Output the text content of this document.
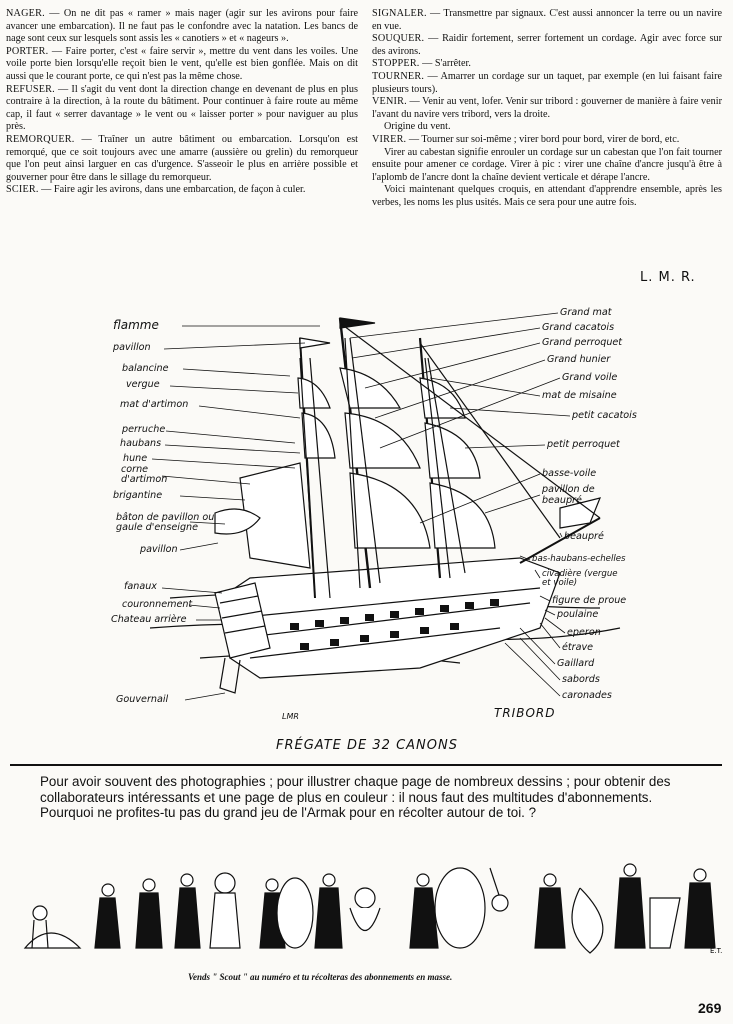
NAGER. — On ne dit pas « ramer » mais nager (agir sur les avirons pour faire avancer une embarcation). Il ne faut pas le confondre avec la natation. Les bancs de nage sont ceux sur lesquels sont assis les « canotiers » et « nageurs ».

PORTER. — Faire porter, c'est « faire servir », mettre du vent dans les voiles. Une voile porte bien lorsqu'elle reçoit bien le vent, qu'elle est bien gonflée. Mais on dit aussi que le courant porte, ce qui n'est pas la même chose.

REFUSER. — Il s'agit du vent dont la direction change en devenant de plus en plus contraire à la direction, à la route du bâtiment. Pour continuer à faire route au même cap, il faut « serrer davantage » le vent ou « laisser porter » pour naviguer au plus près.

REMORQUER. — Traîner un autre bâtiment ou embarcation. Lorsqu'on est remorqué, que ce soit toujours avec une amarre (aussière ou grelin) du remorqueur que l'on peut ainsi larguer en cas d'urgence. S'asseoir le plus en arrière possible et gouverner pour être dans le sillage du remorqueur.

SCIER. — Faire agir les avirons, dans une embarcation, de façon à culer.

SIGNALER. — Transmettre par signaux. C'est aussi annoncer la terre ou un navire en vue.

SOUQUER. — Raidir fortement, serrer fortement un cordage. Agir avec force sur des avirons.

STOPPER. — S'arrêter.

TOURNER. — Amarrer un cordage sur un taquet, par exemple (en lui faisant faire plusieurs tours).

VENIR. — Venir au vent, lofer. Venir sur tribord : gouverner de manière à faire venir l'avant du navire vers tribord, vers la droite.

Origine du vent.

VIRER. — Tourner sur soi-même ; virer bord pour bord, virer de bord, etc.

Virer au cabestan signifie enrouler un cordage sur un cabestan que l'on fait tourner ensuite pour amener ce cordage. Virer à pic : virer une chaîne d'ancre jusqu'à être à l'aplomb de l'ancre dont la chaîne devient verticale et dérape l'ancre.

Voici maintenant quelques croquis, en attendant d'apprendre ensemble, après les verbes, les noms les plus usités. Mais ce sera pour une autre fois.

L. M. R.
flamme
pavillon
balancine
vergue
mat d'artimon
perruche
haubans
hune
corne d'artimon
brigantine
bâton de pavillon ou gaule d'enseigne
pavillon
fanaux
couronnement
Chateau arrière
Gouvernail
Grand mat
Grand cacatois
Grand perroquet
Grand hunier
Grand voile
mat de misaine
petit cacatois
petit perroquet
basse-voile
pavillon de beaupré
beaupré
bas-haubans-echelles
civadière (vergue et voile)
figure de proue
poulaine
eperon
étrave
Gaillard
sabords
caronades
LMR	TRIBORD
FRÉGATE DE 32 CANONS

Pour avoir souvent des photographies ; pour illustrer chaque page de nombreux dessins ; pour obtenir des collaborateurs intéressants et une page de plus en couleur : il nous faut des multitudes d'abonnements.

Pourquoi ne profites-tu pas du grand jeu de l'Armak pour en récolter autour de toi. ?

E.T.
Vends " Scout " au numéro et tu récolteras des abonnements en masse.
269
